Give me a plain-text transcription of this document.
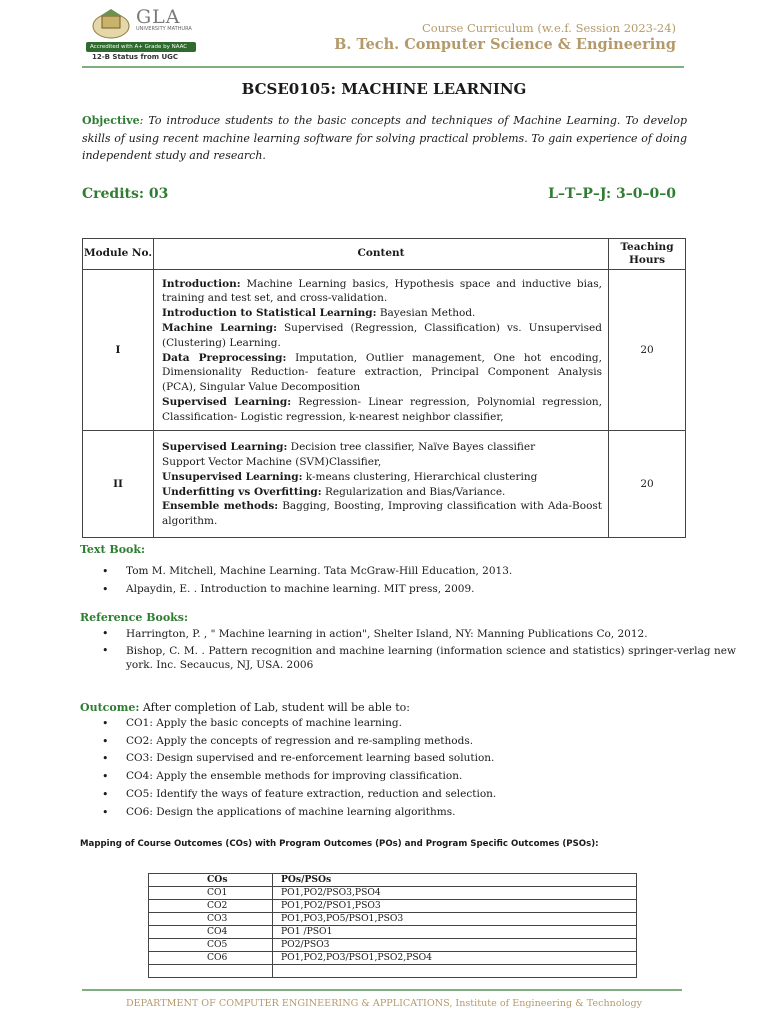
GLA
UNIVERSITY MATHURA
Accredited with A+ Grade by NAAC
12-B Status from UGC
Course Curriculum (w.e.f. Session 2023-24)
B. Tech. Computer Science & Engineering
BCSE0105: MACHINE LEARNING
Objective: To introduce students to the basic concepts and techniques of Machine Learning. To develop skills of using recent machine learning software for solving practical problems. To gain experience of doing independent study and research.
Credits: 03	L–T–P–J: 3–0–0–0
Module No.	Content	Teaching Hours
I	Introduction: Machine Learning basics, Hypothesis space and inductive bias, training and test set, and cross-validation.
Introduction to Statistical Learning: Bayesian Method.
Machine Learning: Supervised (Regression, Classification) vs. Unsupervised (Clustering) Learning.
Data Preprocessing: Imputation, Outlier management, One hot encoding, Dimensionality Reduction- feature extraction, Principal Component Analysis (PCA), Singular Value Decomposition
Supervised Learning: Regression- Linear regression, Polynomial regression, Classification- Logistic regression, k-nearest neighbor classifier,	20
II	Supervised Learning: Decision tree classifier, Naïve Bayes classifier
Support Vector Machine (SVM)Classifier,
Unsupervised Learning: k-means clustering, Hierarchical clustering
Underfitting vs Overfitting: Regularization and Bias/Variance.
Ensemble methods: Bagging, Boosting, Improving classification with Ada-Boost algorithm.	20
Text Book:
• Tom M. Mitchell, Machine Learning. Tata McGraw-Hill Education, 2013.
• Alpaydin, E. . Introduction to machine learning. MIT press, 2009.
Reference Books:
• Harrington, P. , " Machine learning in action", Shelter Island, NY: Manning Publications Co, 2012.
• Bishop, C. M. . Pattern recognition and machine learning (information science and statistics) springer-verlag new york. Inc. Secaucus, NJ, USA. 2006
Outcome: After completion of Lab, student will be able to:
• CO1: Apply the basic concepts of machine learning.
• CO2: Apply the concepts of regression and re-sampling methods.
• CO3: Design supervised and re-enforcement learning based solution.
• CO4: Apply the ensemble methods for improving classification.
• CO5: Identify the ways of feature extraction, reduction and selection.
• CO6: Design the applications of machine learning algorithms.
Mapping of Course Outcomes (COs) with Program Outcomes (POs) and Program Specific Outcomes (PSOs):
COs	POs/PSOs
CO1	PO1,PO2/PSO3,PSO4
CO2	PO1,PO2/PSO1,PSO3
CO3	PO1,PO3,PO5/PSO1,PSO3
CO4	PO1 /PSO1
CO5	PO2/PSO3
CO6	PO1,PO2,PO3/PSO1,PSO2,PSO4

DEPARTMENT OF COMPUTER ENGINEERING & APPLICATIONS, Institute of Engineering & Technology
